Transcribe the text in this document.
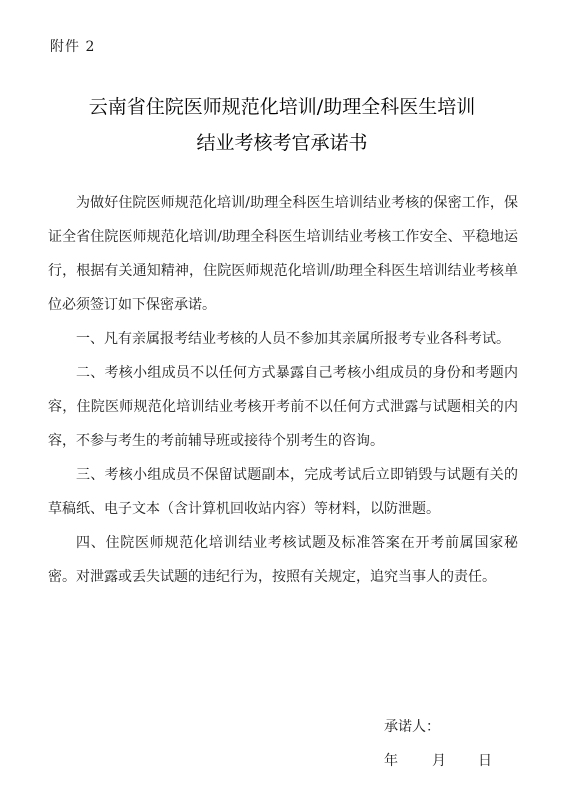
附件 2
云南省住院医师规范化培训/助理全科医生培训
结业考核考官承诺书

为做好住院医师规范化培训/助理全科医生培训结业考核的保密工作，保证全省住院医师规范化培训/助理全科医生培训结业考核工作安全、平稳地运行，根据有关通知精神，住院医师规范化培训/助理全科医生培训结业考核单位必须签订如下保密承诺。

一、凡有亲属报考结业考核的人员不参加其亲属所报考专业各科考试。

二、考核小组成员不以任何方式暴露自己考核小组成员的身份和考题内容，住院医师规范化培训结业考核开考前不以任何方式泄露与试题相关的内容，不参与考生的考前辅导班或接待个别考生的咨询。

三、考核小组成员不保留试题副本，完成考试后立即销毁与试题有关的草稿纸、电子文本（含计算机回收站内容）等材料，以防泄题。

四、住院医师规范化培训结业考核试题及标准答案在开考前属国家秘密。对泄露或丢失试题的违纪行为，按照有关规定，追究当事人的责任。

承诺人：
年	月	日
